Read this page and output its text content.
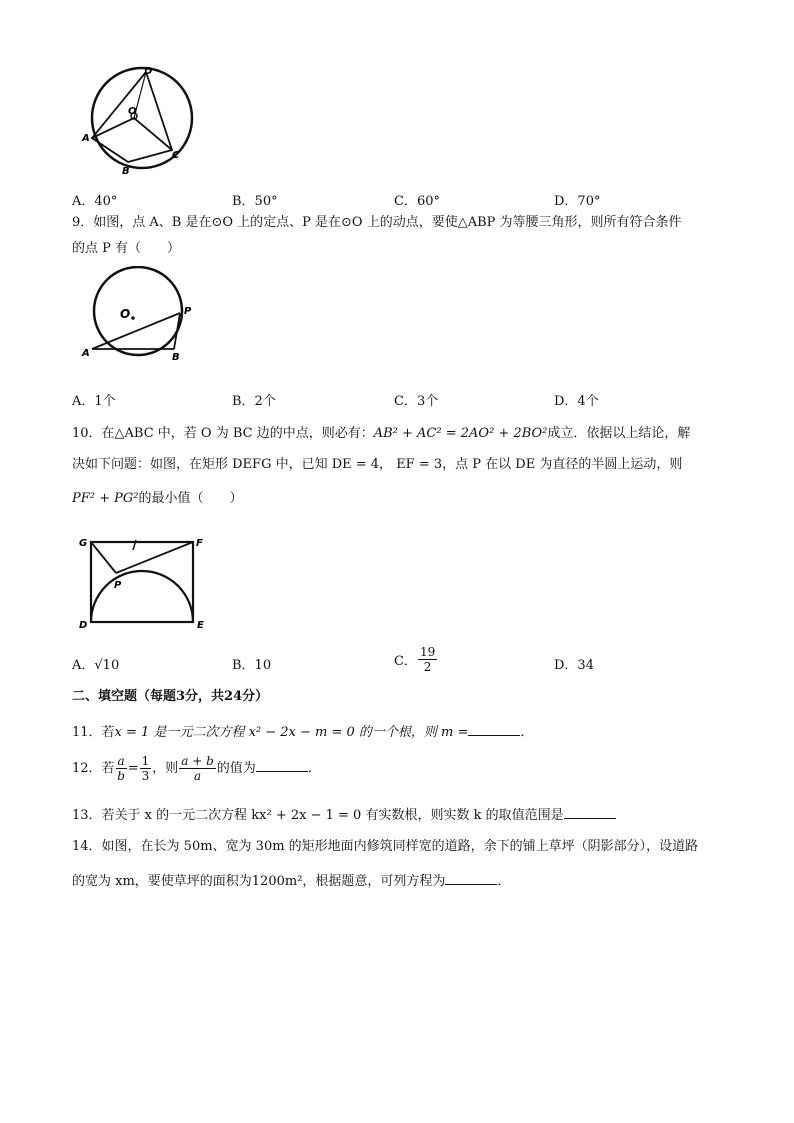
D
A
O
B
C
A．40°	B．50°	C．60°	D．70°
9．如图，点 A、B 是在⊙O 上的定点、P 是在⊙O 上的动点，要使△ABP 为等腰三角形，则所有符合条件
的点 P 有（　　）
O	P
A	B
A．1个	B．2个	C．3个	D．4个
10．在△ABC 中，若 O 为 BC 边的中点，则必有：AB² + AC² = 2AO² + 2BO²成立．依据以上结论，解
决如下问题：如图，在矩形 DEFG 中，已知 DE = 4， EF = 3，点 P 在以 DE 为直径的半圆上运动，则
PF² + PG²的最小值（　　）
G	F
P
D	E
A．√10	B．10	C． $\frac{19}{2}$	D．34
二、填空题（每题3分，共24分）
11．若x = 1 是一元二次方程 x² − 2x − m = 0 的一个根，则 m =	．
12．若 $\frac{a}{b} = \frac{1}{3}$ ，则 $\frac{a + b}{a}$ 的值为	．
13．若关于 x 的一元二次方程 kx² + 2x − 1 = 0 有实数根，则实数 k 的取值范围是
14．如图，在长为 50m、宽为 30m 的矩形地面内修筑同样宽的道路，余下的铺上草坪（阴影部分），设道路
的宽为 xm，要使草坪的面积为1200m²，根据题意，可列方程为	．
